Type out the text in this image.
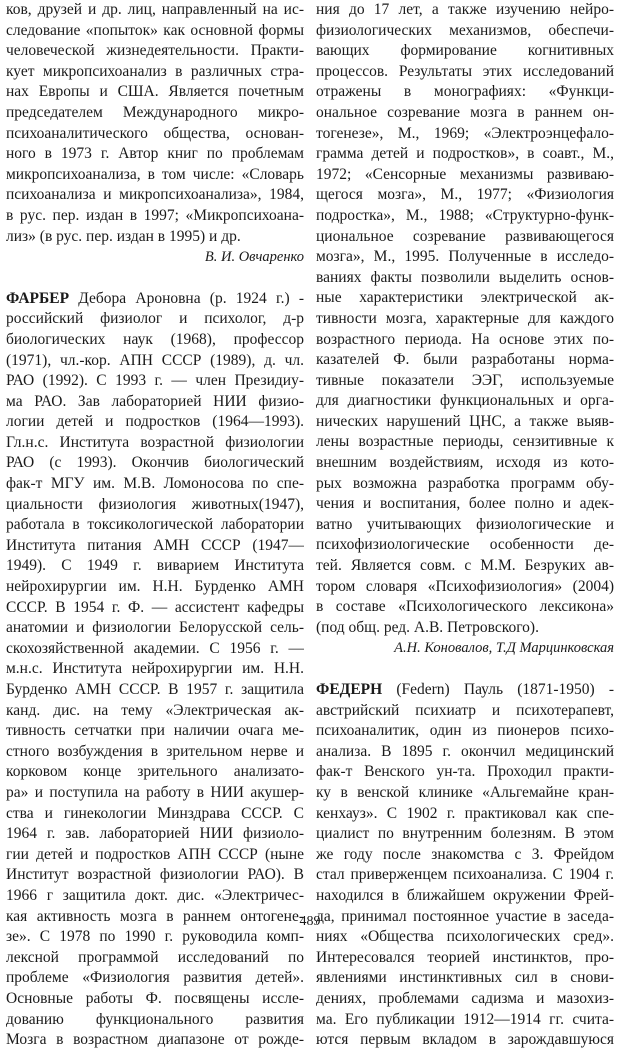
ков, друзей и др. лиц, направленный на ис-
следование «попыток» как основной формы
человеческой жизнедеятельности. Практи-
кует микропсихоанализ в различных стра-
нах Европы и США. Является почетным
председателем Международного микро-
психоаналитического общества, основан-
ного в 1973 г. Автор книг по проблемам
микропсихоанализа, в том числе: «Словарь
психоанализа и микропсихоанализа», 1984,
в рус. пер. издан в 1997; «Микропсихоана-
лиз» (в рус. пер. издан в 1995) и др.
В. И. Овчаренко
ФАРБЕР Дебора Ароновна (р. 1924 г.) -
российский физиолог и психолог, д-р
биологических наук (1968), профессор
(1971), чл.-кор. АПН СССР (1989), д. чл.
РАО (1992). С 1993 г. — член Президиу-
ма РАО. Зав лабораторией НИИ физио-
логии детей и подростков (1964—1993).
Гл.н.с. Института возрастной физиологии
РАО (с 1993). Окончив биологический
фак-т МГУ им. М.В. Ломоносова по спе-
циальности физиология животных(1947),
работала в токсикологической лаборатории
Института питания АМН СССР (1947—
1949). С 1949 г. виварием Института
нейрохирургии им. Н.Н. Бурденко АМН
СССР. В 1954 г. Ф. — ассистент кафедры
анатомии и физиологии Белорусской сель-
скохозяйственной академии. С 1956 г. —
м.н.с. Института нейрохирургии им. Н.Н.
Бурденко АМН СССР. В 1957 г. защитила
канд. дис. на тему «Электрическая ак-
тивность сетчатки при наличии очага ме-
стного возбуждения в зрительном нерве и
корковом конце зрительного анализато-
ра» и поступила на работу в НИИ акушер-
ства и гинекологии Минздрава СССР. С
1964 г. зав. лабораторией НИИ физиоло-
гии детей и подростков АПН СССР (ныне
Институт возрастной физиологии РАО). В
1966 г защитила докт. дис. «Электричес-
кая активность мозга в раннем онтогене-
зе». С 1978 по 1990 г. руководила комп-
лексной программой исследований по
проблеме «Физиология развития детей».
Основные работы Ф. посвящены иссле-
дованию функционального развития
Мозга в возрастном диапазоне от рожде-
ния до 17 лет, а также изучению нейро-
физиологических механизмов, обеспечи-
вающих формирование когнитивных
процессов. Результаты этих исследований
отражены в монографиях: «Функци-
ональное созревание мозга в раннем он-
тогенезе», М., 1969; «Электроэнцефало-
грамма детей и подростков», в соавт., М.,
1972; «Сенсорные механизмы развиваю-
щегося мозга», М., 1977; «Физиология
подростка», М., 1988; «Структурно-функ-
циональное созревание развивающегося
мозга», М., 1995. Полученные в исследо-
ваниях факты позволили выделить основ-
ные характеристики электрической ак-
тивности мозга, характерные для каждого
возрастного периода. На основе этих по-
казателей Ф. были разработаны норма-
тивные показатели ЭЭГ, используемые
для диагностики функциональных и орга-
нических нарушений ЦНС, а также выяв-
лены возрастные периоды, сензитивные к
внешним воздействиям, исходя из кото-
рых возможна разработка программ обу-
чения и воспитания, более полно и адек-
ватно учитывающих физиологические и
психофизиологические особенности де-
тей. Является совм. с М.М. Безруких ав-
тором словаря «Психофизиология» (2004)
в составе «Психологического лексикона»
(под общ. ред. А.В. Петровского).
А.Н. Коновалов, Т.Д Марцинковская
ФЕДЕРН (Federn) Пауль (1871-1950) -
австрийский психиатр и психотерапевт,
психоаналитик, один из пионеров психо-
анализа. В 1895 г. окончил медицинский
фак-т Венского ун-та. Проходил практи-
ку в венской клинике «Альгемайне кран-
кенхауз». С 1902 г. практиковал как спе-
циалист по внутренним болезням. В этом
же году после знакомства с З. Фрейдом
стал приверженцем психоанализа. С 1904 г.
находился в ближайшем окружении Фрей-
да, принимал постоянное участие в заседа-
ниях «Общества психологических сред».
Интересовался теорией инстинктов, про-
явлениями инстинктивных сил в снови-
дениях, проблемами садизма и мазохиз-
ма. Его публикации 1912—1914 гг. счита-
ются первым вкладом в зарождавшуюся
489
